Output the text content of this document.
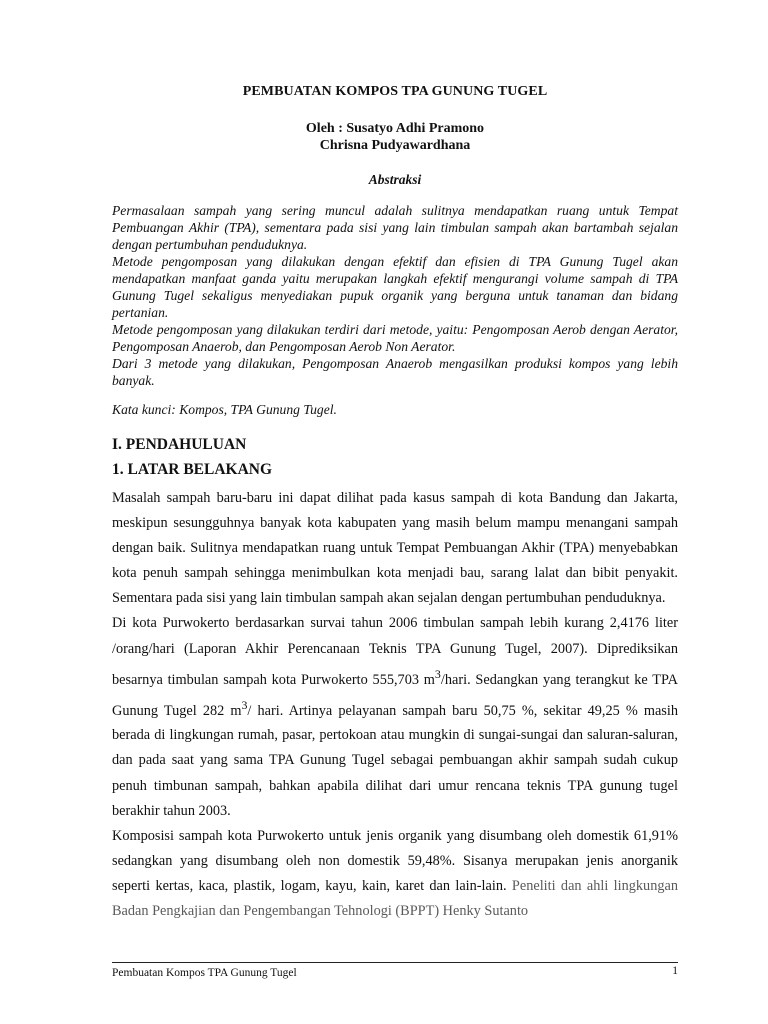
PEMBUATAN KOMPOS TPA GUNUNG TUGEL
Oleh : Susatyo Adhi Pramono
Chrisna Pudyawardhana
Abstraksi

Permasalaan sampah yang sering muncul adalah sulitnya mendapatkan ruang untuk Tempat Pembuangan Akhir (TPA), sementara pada sisi yang lain timbulan sampah akan bartambah sejalan dengan pertumbuhan penduduknya.

Metode pengomposan yang dilakukan dengan efektif dan efisien di TPA Gunung Tugel akan mendapatkan manfaat ganda yaitu merupakan langkah efektif mengurangi volume sampah di TPA Gunung Tugel sekaligus menyediakan pupuk organik yang berguna untuk tanaman dan bidang pertanian.

Metode pengomposan yang dilakukan terdiri dari metode, yaitu: Pengomposan Aerob dengan Aerator, Pengomposan Anaerob, dan Pengomposan Aerob Non Aerator.

Dari 3 metode yang dilakukan, Pengomposan Anaerob mengasilkan produksi kompos yang lebih banyak.

Kata kunci: Kompos, TPA Gunung Tugel.
I. PENDAHULUAN
1. LATAR BELAKANG

Masalah sampah baru-baru ini dapat dilihat pada kasus sampah di kota Bandung dan Jakarta, meskipun sesungguhnya banyak kota kabupaten yang masih belum mampu menangani sampah dengan baik. Sulitnya mendapatkan ruang untuk Tempat Pembuangan Akhir (TPA) menyebabkan kota penuh sampah sehingga menimbulkan kota menjadi bau, sarang lalat dan bibit penyakit. Sementara pada sisi yang lain timbulan sampah akan sejalan dengan pertumbuhan penduduknya.

Di kota Purwokerto berdasarkan survai tahun 2006 timbulan sampah lebih kurang 2,4176 liter /orang/hari (Laporan Akhir Perencanaan Teknis TPA Gunung Tugel, 2007). Diprediksikan besarnya timbulan sampah kota Purwokerto 555,703 $m^3$/hari. Sedangkan yang terangkut ke TPA Gunung Tugel 282 $m^3/$ hari. Artinya pelayanan sampah baru 50,75 %, sekitar 49,25 % masih berada di lingkungan rumah, pasar, pertokoan atau mungkin di sungai-sungai dan saluran-saluran, dan pada saat yang sama TPA Gunung Tugel sebagai pembuangan akhir sampah sudah cukup penuh timbunan sampah, bahkan apabila dilihat dari umur rencana teknis TPA gunung tugel berakhir tahun 2003.

Komposisi sampah kota Purwokerto untuk jenis organik yang disumbang oleh domestik 61,91% sedangkan yang disumbang oleh non domestik 59,48%. Sisanya merupakan jenis anorganik seperti kertas, kaca, plastik, logam, kayu, kain, karet dan lain-lain. Peneliti dan ahli lingkungan Badan Pengkajian dan Pengembangan Tehnologi (BPPT) Henky Sutanto

Pembuatan Kompos TPA Gunung Tugel	1
